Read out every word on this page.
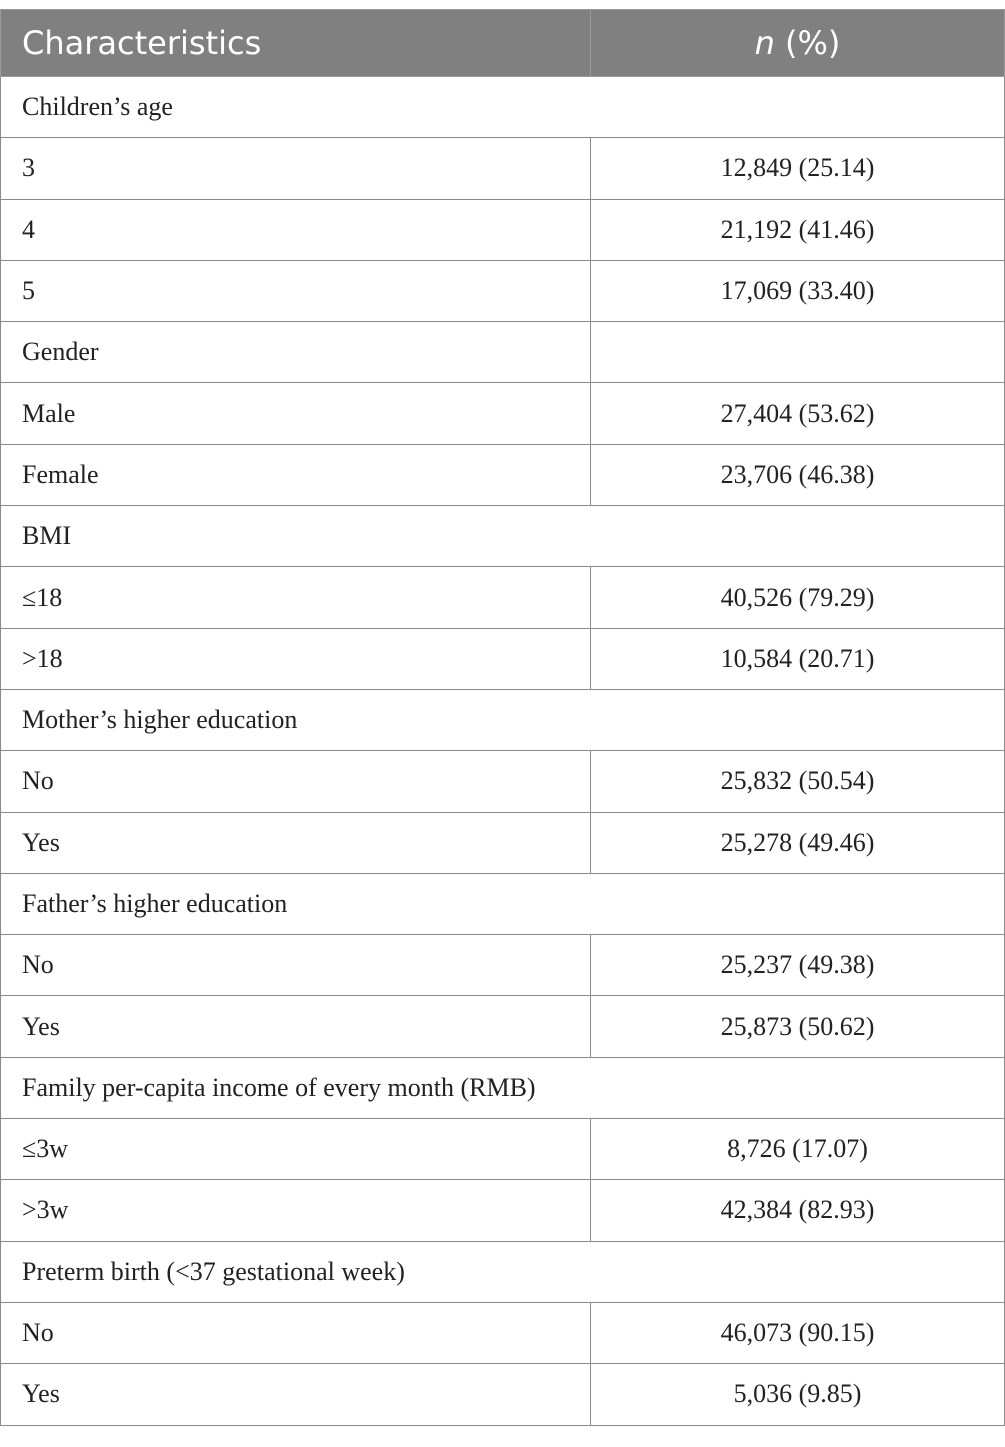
Characteristics	n (%)
Children’s age	
3	12,849 (25.14)
4	21,192 (41.46)
5	17,069 (33.40)
Gender	
Male	27,404 (53.62)
Female	23,706 (46.38)
BMI	
≤18	40,526 (79.29)
>18	10,584 (20.71)
Mother’s higher education	
No	25,832 (50.54)
Yes	25,278 (49.46)
Father’s higher education	
No	25,237 (49.38)
Yes	25,873 (50.62)
Family per-capita income of every month (RMB)	
≤3w	8,726 (17.07)
>3w	42,384 (82.93)
Preterm birth (<37 gestational week)	
No	46,073 (90.15)
Yes	5,036 (9.85)
